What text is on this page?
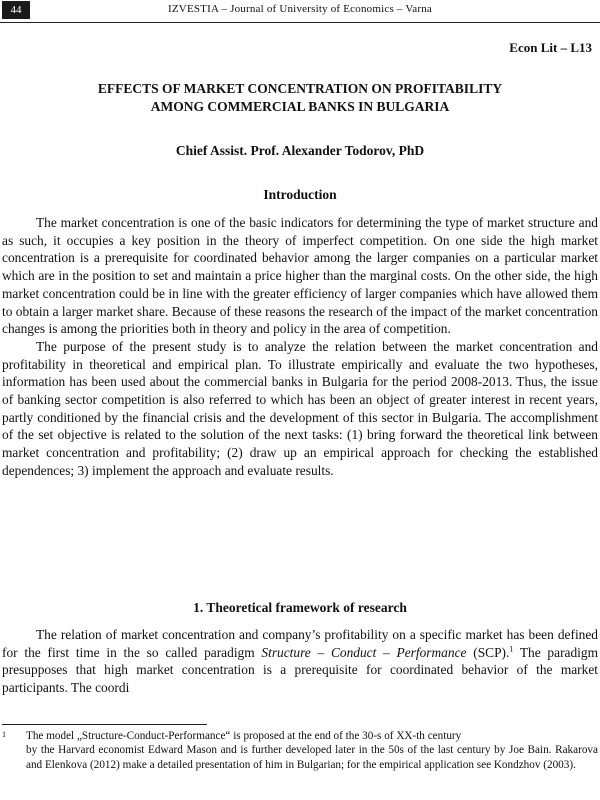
44	IZVESTIA – Journal of University of Economics – Varna
Econ Lit – L13
EFFECTS OF MARKET CONCENTRATION ON PROFITABILITY
AMONG COMMERCIAL BANKS IN BULGARIA
Chief Assist. Prof. Alexander Todorov, PhD
Introduction

The market concentration is one of the basic indicators for determining the type of market structure and as such, it occupies a key position in the theory of imperfect competition. On one side the high market concentration is a prerequisite for coordinated behavior among the larger companies on a particular market which are in the position to set and maintain a price higher than the marginal costs. On the other side, the high market concentration could be in line with the greater efficiency of larger companies which have allowed them to obtain a larger market share. Because of these reasons the research of the impact of the market concentration changes is among the priorities both in theory and policy in the area of competition.

The purpose of the present study is to analyze the relation between the market concentration and profitability in theoretical and empirical plan. To illustrate empirically and evaluate the two hypotheses, information has been used about the commercial banks in Bulgaria for the period 2008-2013. Thus, the issue of banking sector competition is also referred to which has been an object of greater interest in recent years, partly conditioned by the financial crisis and the development of this sector in Bulgaria. The accomplishment of the set objective is related to the solution of the next tasks: (1) bring forward the theoretical link between market concentration and profitability; (2) draw up an empirical approach for checking the established dependences; 3) implement the approach and evaluate results.

1. Theoretical framework of research

The relation of market concentration and company’s profitability on a specific market has been defined for the first time in the so called paradigm Structure – Conduct – Performance (SCP).$^1$ The paradigm presupposes that high market concentration is a prerequisite for coordinated behavior of the market participants. The coordi

1 The model „Structure-Conduct-Performance“ is proposed at the end of the 30-s of XX-th century
by the Harvard economist Edward Mason and is further developed later in the 50s of the last century by Joe Bain. Rakarova and Elenkova (2012) make a detailed presentation of him in Bulgarian; for the empirical application see Kondzhov (2003).
